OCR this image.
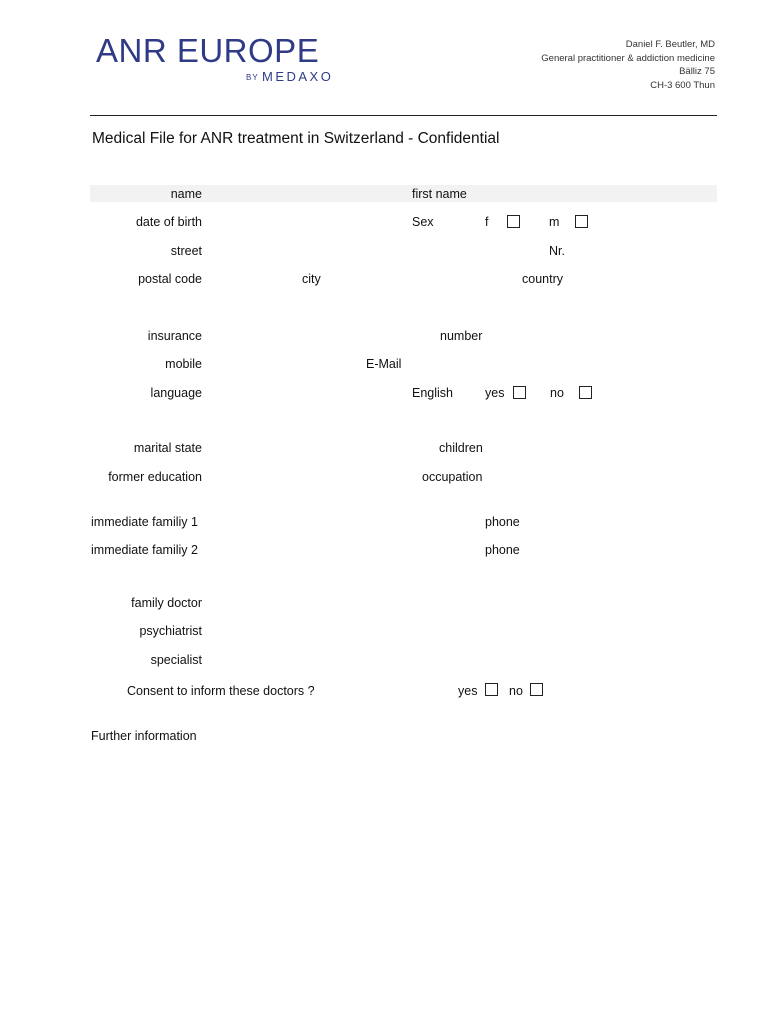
ANR EUROPE
BY MEDAXO
Daniel F. Beutler, MD
General practitioner & addiction medicine
Bälliz 75
CH-3 600 Thun
Medical File for ANR treatment in Switzerland - Confidential
name	first name
date of birth	Sex	f	m
street	Nr.
postal code	city	country
insurance	number
mobile	E-Mail
language	English	yes	no
marital state	children
former education	occupation
immediate familiy 1	phone
immediate familiy 2	phone
family doctor
psychiatrist
specialist
Consent to inform these doctors ?	yes	no
Further information
